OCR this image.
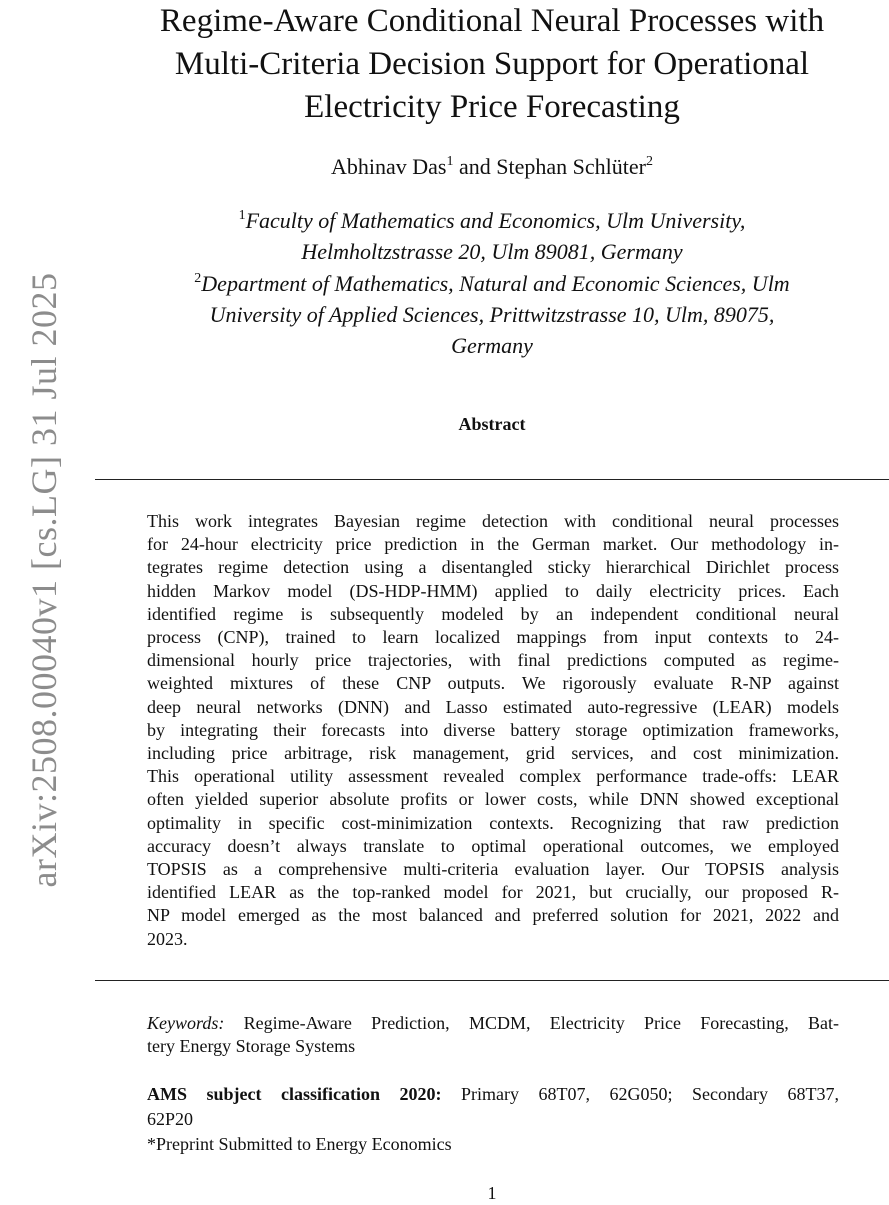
arXiv:2508.00040v1 [cs.LG] 31 Jul 2025
Regime-Aware Conditional Neural Processes with
Multi-Criteria Decision Support for Operational
Electricity Price Forecasting
Abhinav Das$^1$ and Stephan Schlüter$^2$
$^1$Faculty of Mathematics and Economics, Ulm University,
Helmholtzstrasse 20, Ulm 89081, Germany
$^2$Department of Mathematics, Natural and Economic Sciences, Ulm
University of Applied Sciences, Prittwitzstrasse 10, Ulm, 89075,
Germany
Abstract

This work integrates Bayesian regime detection with conditional neural processes
for 24-hour electricity price prediction in the German market. Our methodology in-
tegrates regime detection using a disentangled sticky hierarchical Dirichlet process
hidden Markov model (DS-HDP-HMM) applied to daily electricity prices. Each
identified regime is subsequently modeled by an independent conditional neural
process (CNP), trained to learn localized mappings from input contexts to 24-
dimensional hourly price trajectories, with final predictions computed as regime-
weighted mixtures of these CNP outputs. We rigorously evaluate R-NP against
deep neural networks (DNN) and Lasso estimated auto-regressive (LEAR) models
by integrating their forecasts into diverse battery storage optimization frameworks,
including price arbitrage, risk management, grid services, and cost minimization.
This operational utility assessment revealed complex performance trade-offs: LEAR
often yielded superior absolute profits or lower costs, while DNN showed exceptional
optimality in specific cost-minimization contexts. Recognizing that raw prediction
accuracy doesn’t always translate to optimal operational outcomes, we employed
TOPSIS as a comprehensive multi-criteria evaluation layer. Our TOPSIS analysis
identified LEAR as the top-ranked model for 2021, but crucially, our proposed R-
NP model emerged as the most balanced and preferred solution for 2021, 2022 and
2023.

Keywords: Regime-Aware Prediction, MCDM, Electricity Price Forecasting, Bat-
tery Energy Storage Systems
AMS subject classification 2020: Primary 68T07, 62G050; Secondary 68T37,
62P20
*Preprint Submitted to Energy Economics
1
